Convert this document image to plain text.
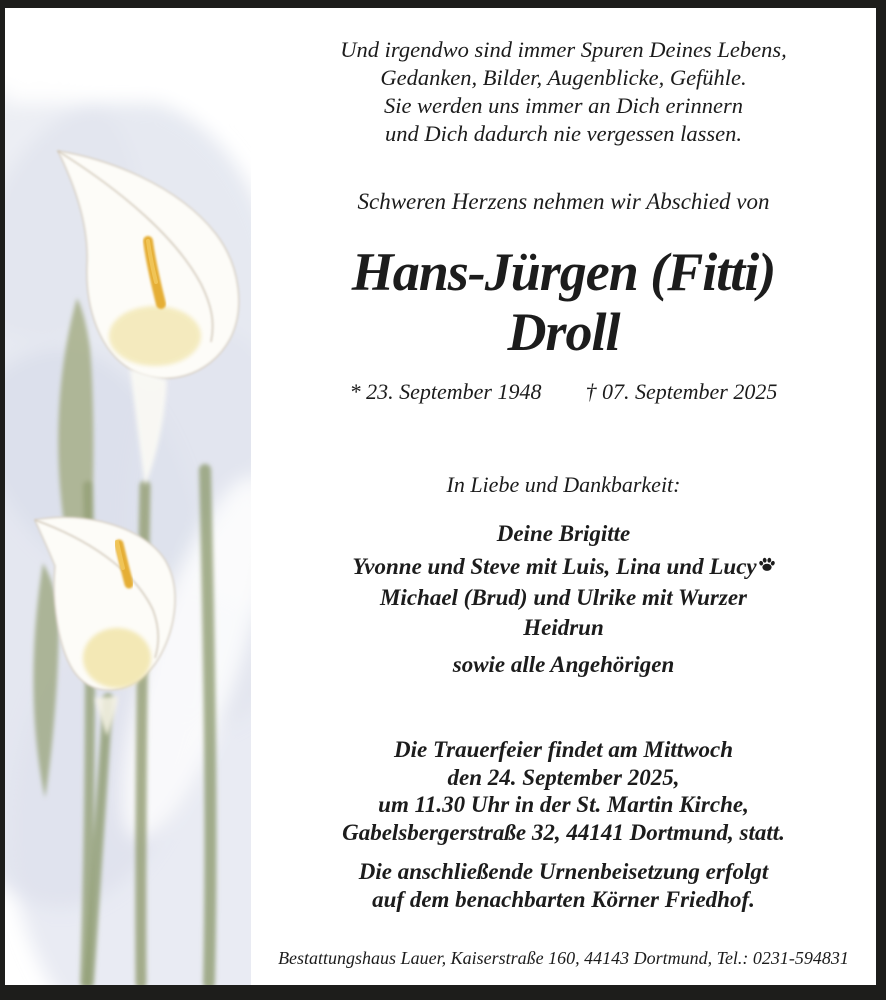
Und irgendwo sind immer Spuren Deines Lebens,
Gedanken, Bilder, Augenblicke, Gefühle.
Sie werden uns immer an Dich erinnern
und Dich dadurch nie vergessen lassen.
Schweren Herzens nehmen wir Abschied von
Hans-Jürgen (Fitti)
Droll
* 23. September 1948 † 07. September 2025
In Liebe und Dankbarkeit:
Deine Brigitte
Yvonne und Steve mit Luis, Lina und Lucy
Michael (Brud) und Ulrike mit Wurzer
Heidrun
sowie alle Angehörigen
Die Trauerfeier findet am Mittwoch
den 24. September 2025,
um 11.30 Uhr in der St. Martin Kirche,
Gabelsbergerstraße 32, 44141 Dortmund, statt.
Die anschließende Urnenbeisetzung erfolgt
auf dem benachbarten Körner Friedhof.
Bestattungshaus Lauer, Kaiserstraße 160, 44143 Dortmund, Tel.: 0231-594831
